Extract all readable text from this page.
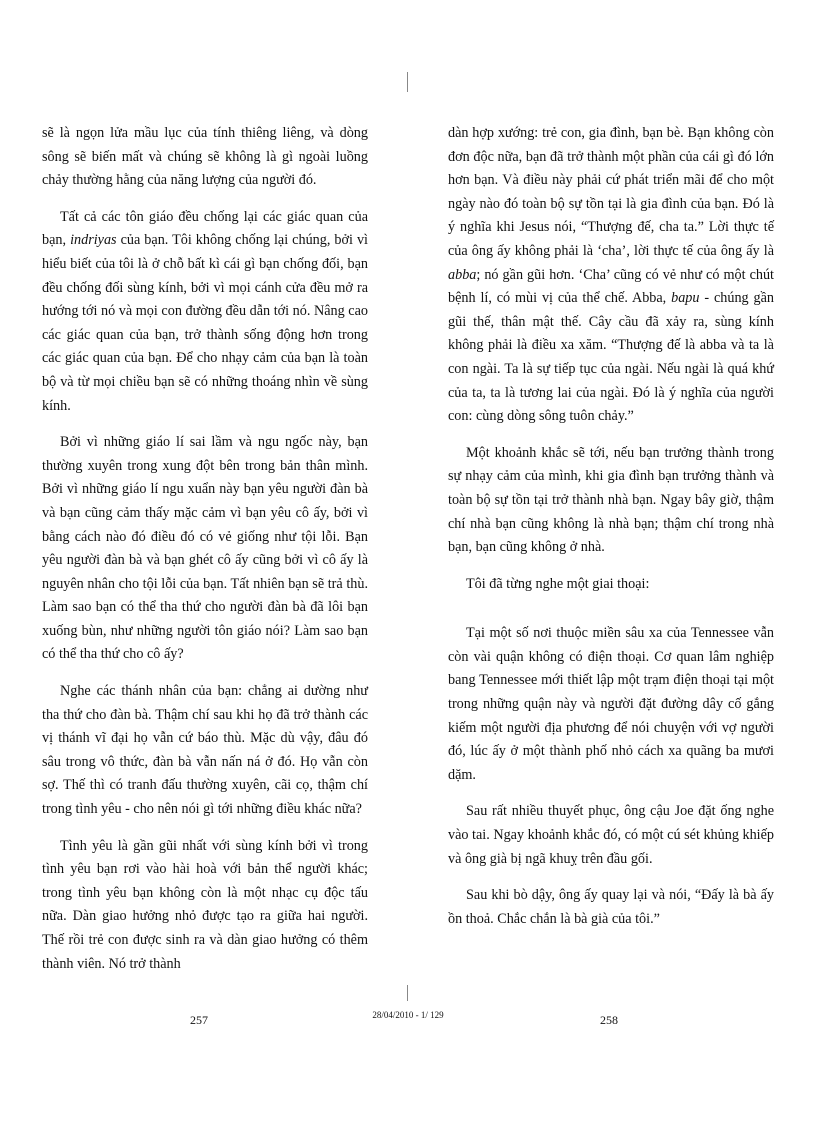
sẽ là ngọn lửa mầu lục của tính thiêng liêng, và dòng sông sẽ biến mất và chúng sẽ không là gì ngoài luồng chảy thường hằng của năng lượng của người đó.

Tất cả các tôn giáo đều chống lại các giác quan của bạn, indriyas của bạn. Tôi không chống lại chúng, bởi vì hiểu biết của tôi là ở chỗ bất kì cái gì bạn chống đối, bạn đều chống đối sùng kính, bởi vì mọi cánh cửa đều mở ra hướng tới nó và mọi con đường đều dẫn tới nó. Nâng cao các giác quan của bạn, trở thành sống động hơn trong các giác quan của bạn. Để cho nhạy cảm của bạn là toàn bộ và từ mọi chiều bạn sẽ có những thoáng nhìn về sùng kính.

Bởi vì những giáo lí sai lầm và ngu ngốc này, bạn thường xuyên trong xung đột bên trong bản thân mình. Bởi vì những giáo lí ngu xuẩn này bạn yêu người đàn bà và bạn cũng cảm thấy mặc cảm vì bạn yêu cô ấy, bởi vì bằng cách nào đó điều đó có vẻ giống như tội lỗi. Bạn yêu người đàn bà và bạn ghét cô ấy cũng bởi vì cô ấy là nguyên nhân cho tội lỗi của bạn. Tất nhiên bạn sẽ trả thù. Làm sao bạn có thể tha thứ cho người đàn bà đã lôi bạn xuống bùn, như những người tôn giáo nói? Làm sao bạn có thể tha thứ cho cô ấy?

Nghe các thánh nhân của bạn: chẳng ai dường như tha thứ cho đàn bà. Thậm chí sau khi họ đã trở thành các vị thánh vĩ đại họ vẫn cứ báo thù. Mặc dù vậy, đâu đó sâu trong vô thức, đàn bà vẫn nấn ná ở đó. Họ vẫn còn sợ. Thế thì có tranh đấu thường xuyên, cãi cọ, thậm chí trong tình yêu - cho nên nói gì tới những điều khác nữa?

Tình yêu là gần gũi nhất với sùng kính bởi vì trong tình yêu bạn rơi vào hài hoà với bản thể người khác; trong tình yêu bạn không còn là một nhạc cụ độc tấu nữa. Dàn giao hưởng nhỏ được tạo ra giữa hai người. Thế rồi trẻ con được sinh ra và dàn giao hưởng có thêm thành viên. Nó trở thành

dàn hợp xướng: trẻ con, gia đình, bạn bè. Bạn không còn đơn độc nữa, bạn đã trở thành một phần của cái gì đó lớn hơn bạn. Và điều này phải cứ phát triển mãi để cho một ngày nào đó toàn bộ sự tồn tại là gia đình của bạn. Đó là ý nghĩa khi Jesus nói, “Thượng đế, cha ta.” Lời thực tế của ông ấy không phải là ‘cha’, lời thực tế của ông ấy là abba; nó gần gũi hơn. ‘Cha’ cũng có vẻ như có một chút bệnh lí, có mùi vị của thể chế. Abba, bapu - chúng gần gũi thế, thân mật thế. Cây cầu đã xảy ra, sùng kính không phải là điều xa xăm. “Thượng đế là abba và ta là con ngài. Ta là sự tiếp tục của ngài. Nếu ngài là quá khứ của ta, ta là tương lai của ngài. Đó là ý nghĩa của người con: cùng dòng sông tuôn chảy.”

Một khoảnh khắc sẽ tới, nếu bạn trưởng thành trong sự nhạy cảm của mình, khi gia đình bạn trưởng thành và toàn bộ sự tồn tại trở thành nhà bạn. Ngay bây giờ, thậm chí nhà bạn cũng không là nhà bạn; thậm chí trong nhà bạn, bạn cũng không ở nhà.

Tôi đã từng nghe một giai thoại:

Tại một số nơi thuộc miền sâu xa của Tennessee vẫn còn vài quận không có điện thoại. Cơ quan lâm nghiệp bang Tennessee mới thiết lập một trạm điện thoại tại một trong những quận này và người đặt đường dây cố gắng kiếm một người địa phương để nói chuyện với vợ người đó, lúc ấy ở một thành phố nhỏ cách xa quãng ba mươi dặm.

Sau rất nhiều thuyết phục, ông cậu Joe đặt ống nghe vào tai. Ngay khoảnh khắc đó, có một cú sét khủng khiếp và ông già bị ngã khuỵ trên đầu gối.

Sau khi bò dậy, ông ấy quay lại và nói, “Đấy là bà ấy ồn thoả. Chắc chắn là bà già của tôi.”

257	28/04/2010 - 1/ 129	258
